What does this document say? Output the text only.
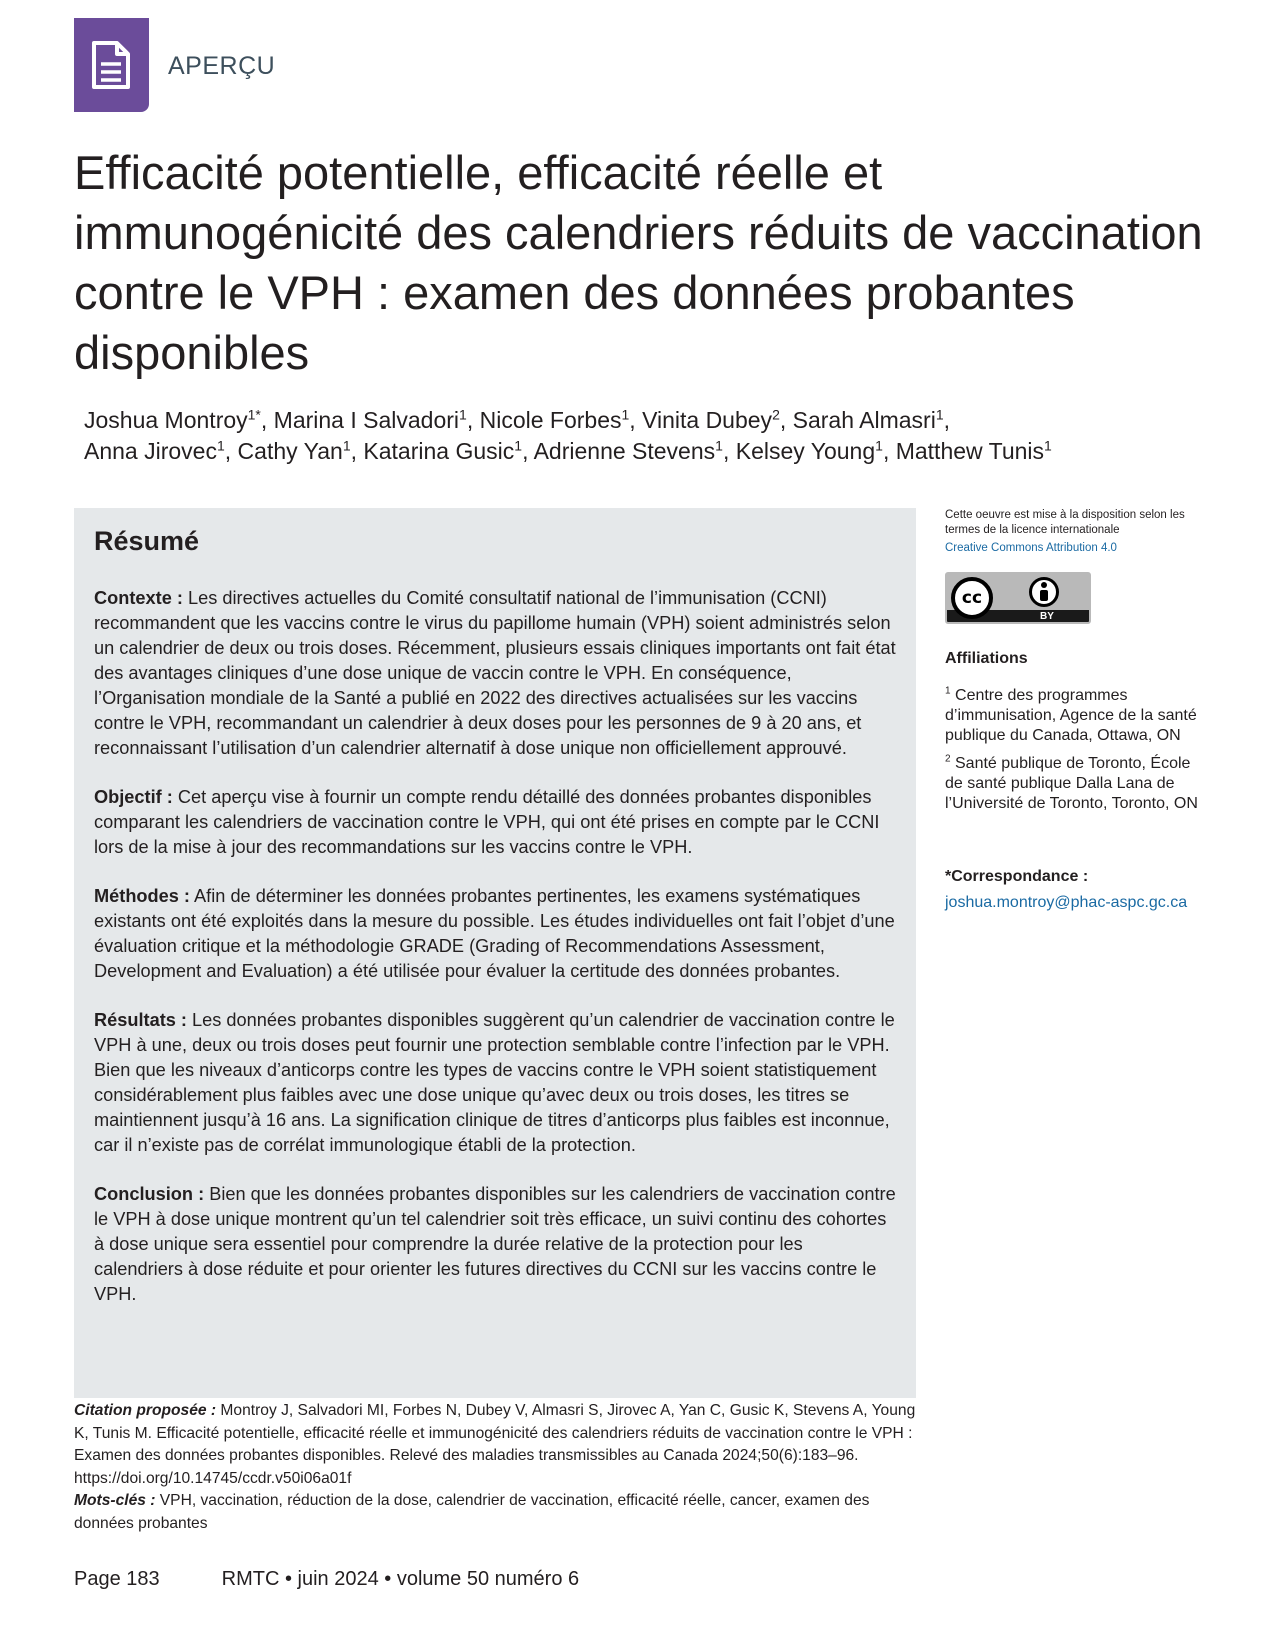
APERÇU
Efficacité potentielle, efficacité réelle et immunogénicité des calendriers réduits de vaccination contre le VPH : examen des données probantes disponibles
Joshua Montroy$^{1*}$, Marina I Salvadori$^1$, Nicole Forbes$^1$, Vinita Dubey$^2$, Sarah Almasri$^1$,
Anna Jirovec$^1$, Cathy Yan$^1$, Katarina Gusic$^1$, Adrienne Stevens$^1$, Kelsey Young$^1$, Matthew Tunis$^1$
Résumé

Contexte : Les directives actuelles du Comité consultatif national de l’immunisation (CCNI) recommandent que les vaccins contre le virus du papillome humain (VPH) soient administrés selon un calendrier de deux ou trois doses. Récemment, plusieurs essais cliniques importants ont fait état des avantages cliniques d’une dose unique de vaccin contre le VPH. En conséquence, l’Organisation mondiale de la Santé a publié en 2022 des directives actualisées sur les vaccins contre le VPH, recommandant un calendrier à deux doses pour les personnes de 9 à 20 ans, et reconnaissant l’utilisation d’un calendrier alternatif à dose unique non officiellement approuvé.

Objectif : Cet aperçu vise à fournir un compte rendu détaillé des données probantes disponibles comparant les calendriers de vaccination contre le VPH, qui ont été prises en compte par le CCNI lors de la mise à jour des recommandations sur les vaccins contre le VPH.

Méthodes : Afin de déterminer les données probantes pertinentes, les examens systématiques existants ont été exploités dans la mesure du possible. Les études individuelles ont fait l’objet d’une évaluation critique et la méthodologie GRADE (Grading of Recommendations Assessment, Development and Evaluation) a été utilisée pour évaluer la certitude des données probantes.

Résultats : Les données probantes disponibles suggèrent qu’un calendrier de vaccination contre le VPH à une, deux ou trois doses peut fournir une protection semblable contre l’infection par le VPH. Bien que les niveaux d’anticorps contre les types de vaccins contre le VPH soient statistiquement considérablement plus faibles avec une dose unique qu’avec deux ou trois doses, les titres se maintiennent jusqu’à 16 ans. La signification clinique de titres d’anticorps plus faibles est inconnue, car il n’existe pas de corrélat immunologique établi de la protection.

Conclusion : Bien que les données probantes disponibles sur les calendriers de vaccination contre le VPH à dose unique montrent qu’un tel calendrier soit très efficace, un suivi continu des cohortes à dose unique sera essentiel pour comprendre la durée relative de la protection pour les calendriers à dose réduite et pour orienter les futures directives du CCNI sur les vaccins contre le VPH.

Cette oeuvre est mise à la disposition selon les termes de la licence internationale
Creative Commons Attribution 4.0
cc
BY
Affiliations
$^1$ Centre des programmes d’immunisation, Agence de la santé publique du Canada, Ottawa, ON
$^2$ Santé publique de Toronto, École de santé publique Dalla Lana de l’Université de Toronto, Toronto, ON
*Correspondance :
joshua.montroy@phac-aspc.gc.ca
Citation proposée : Montroy J, Salvadori MI, Forbes N, Dubey V, Almasri S, Jirovec A, Yan C, Gusic K, Stevens A, Young K, Tunis M. Efficacité potentielle, efficacité réelle et immunogénicité des calendriers réduits de vaccination contre le VPH : Examen des données probantes disponibles. Relevé des maladies transmissibles au Canada 2024;50(6):183–96. https://doi.org/10.14745/ccdr.v50i06a01f
Mots-clés : VPH, vaccination, réduction de la dose, calendrier de vaccination, efficacité réelle, cancer, examen des données probantes
Page 183	RMTC • juin 2024 • volume 50 numéro 6
